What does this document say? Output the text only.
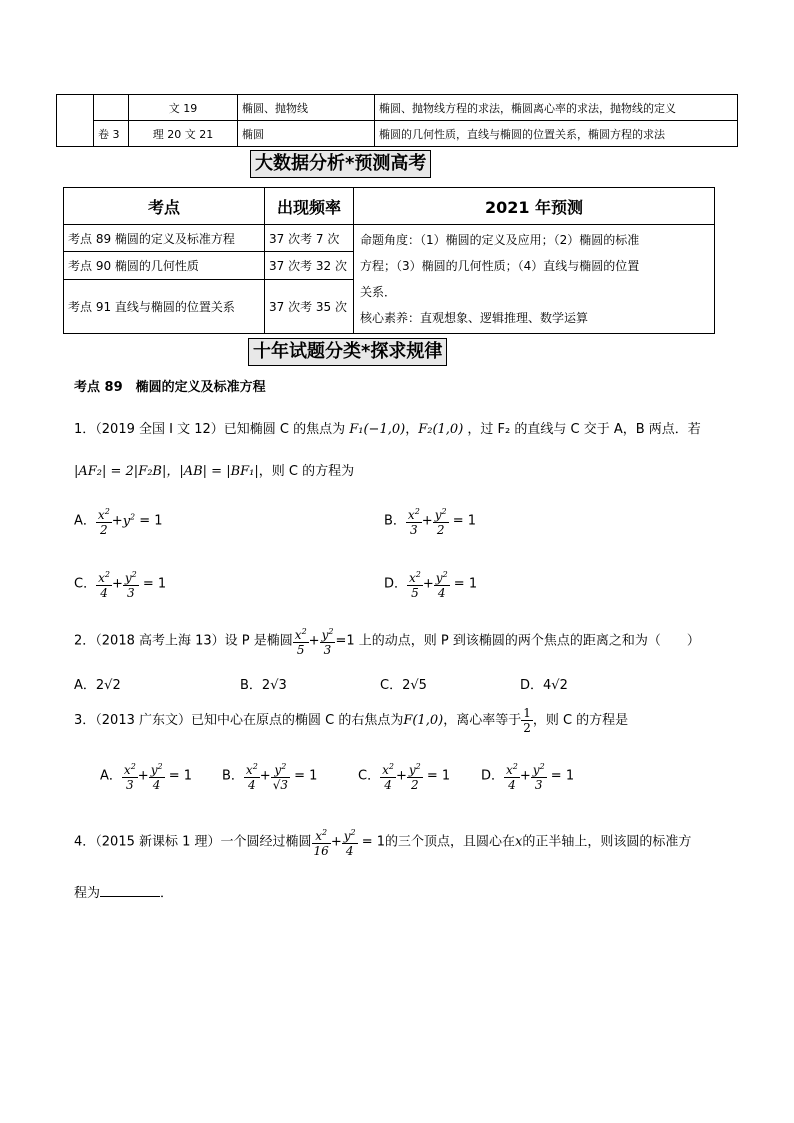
		文 19	椭圆、抛物线	椭圆、抛物线方程的求法，椭圆离心率的求法，抛物线的定义
	卷 3	理 20 文 21	椭圆	椭圆的几何性质，直线与椭圆的位置关系，椭圆方程的求法
大数据分析*预测高考
考点	出现频率	2021 年预测
考点 89 椭圆的定义及标准方程	37 次考 7 次	命题角度：（1）椭圆的定义及应用；（2）椭圆的标准
方程；（3）椭圆的几何性质；（4）直线与椭圆的位置
关系．
核心素养：直观想象、逻辑推理、数学运算

考点 90 椭圆的几何性质	37 次考 32 次	
考点 91 直线与椭圆的位置关系	37 次考 35 次	
十年试题分类*探求规律
考点 89　椭圆的定义及标准方程
1．（2019 全国 I 文 12）已知椭圆 C 的焦点为 F₁(−1,0)，F₂(1,0) ，过 F₂ 的直线与 C 交于 A，B 两点．若
|AF₂| = 2|F₂B|，|AB| = |BF₁|，则 C 的方程为
A． $\frac{x^2}{2} +y^2 = 1$	B． $\frac{x^2}{3} + \frac{y^2}{2} = 1$
C． $\frac{x^2}{4} + \frac{y^2}{3} = 1$	D． $\frac{x^2}{5} + \frac{y^2}{4} = 1$
2．（2018 高考上海 13）设 P 是椭圆 $\frac{x^2}{5} + \frac{y^2}{3} =1$ 上的动点，则 P 到该椭圆的两个焦点的距离之和为（　　）
A．2√2	B．2√3	C．2√5	D．4√2
3．（2013 广东文）已知中心在原点的椭圆 C 的右焦点为F(1,0)，离心率等于 $\frac{1}{2}$ ，则 C 的方程是
A． $\frac{x^2}{3} + \frac{y^2}{4} = 1$ B． $\frac{x^2}{4} + \frac{y^2}{√3} = 1$	C． $\frac{x^2}{4} + \frac{y^2}{2} = 1$ D． $\frac{x^2}{4} + \frac{y^2}{3} = 1$
4．（2015 新课标 1 理）一个圆经过椭圆 $\frac{x^2}{16} + \frac{y^2}{4} = 1$的三个顶点，且圆心在x的正半轴上，则该圆的标准方
程为	．
